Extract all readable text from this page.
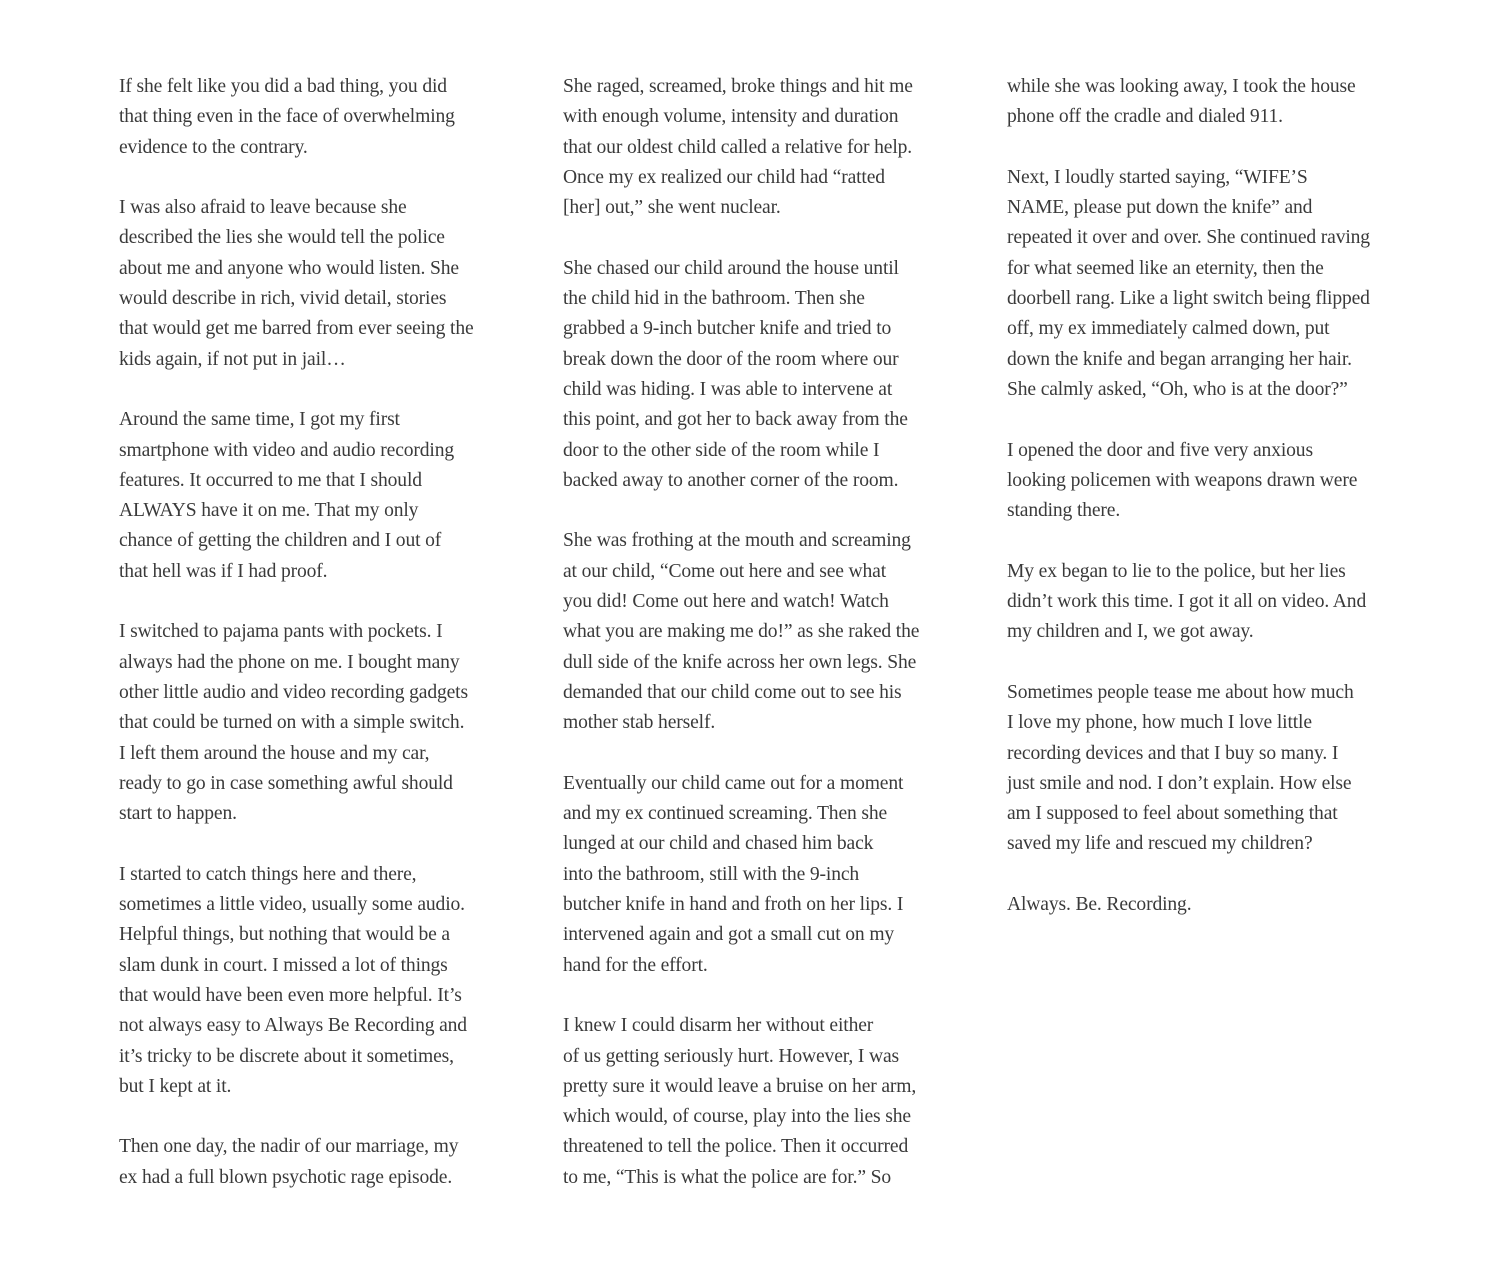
If she felt like you did a bad thing, you did
that thing even in the face of overwhelming
evidence to the contrary.

I was also afraid to leave because she
described the lies she would tell the police
about me and anyone who would listen. She
would describe in rich, vivid detail, stories
that would get me barred from ever seeing the
kids again, if not put in jail…

Around the same time, I got my first
smartphone with video and audio recording
features. It occurred to me that I should
ALWAYS have it on me. That my only
chance of getting the children and I out of
that hell was if I had proof.

I switched to pajama pants with pockets. I
always had the phone on me. I bought many
other little audio and video recording gadgets
that could be turned on with a simple switch.
I left them around the house and my car,
ready to go in case something awful should
start to happen.

I started to catch things here and there,
sometimes a little video, usually some audio.
Helpful things, but nothing that would be a
slam dunk in court. I missed a lot of things
that would have been even more helpful. It’s
not always easy to Always Be Recording and
it’s tricky to be discrete about it sometimes,
but I kept at it.

Then one day, the nadir of our marriage, my
ex had a full blown psychotic rage episode.

She raged, screamed, broke things and hit me
with enough volume, intensity and duration
that our oldest child called a relative for help.
Once my ex realized our child had “ratted
[her] out,” she went nuclear.

She chased our child around the house until
the child hid in the bathroom. Then she
grabbed a 9-inch butcher knife and tried to
break down the door of the room where our
child was hiding. I was able to intervene at
this point, and got her to back away from the
door to the other side of the room while I
backed away to another corner of the room.

She was frothing at the mouth and screaming
at our child, “Come out here and see what
you did! Come out here and watch! Watch
what you are making me do!” as she raked the
dull side of the knife across her own legs. She
demanded that our child come out to see his
mother stab herself.

Eventually our child came out for a moment
and my ex continued screaming. Then she
lunged at our child and chased him back
into the bathroom, still with the 9-inch
butcher knife in hand and froth on her lips. I
intervened again and got a small cut on my
hand for the effort.

I knew I could disarm her without either
of us getting seriously hurt. However, I was
pretty sure it would leave a bruise on her arm,
which would, of course, play into the lies she
threatened to tell the police. Then it occurred
to me, “This is what the police are for.” So

while she was looking away, I took the house
phone off the cradle and dialed 911.

Next, I loudly started saying, “WIFE’S
NAME, please put down the knife” and
repeated it over and over. She continued raving
for what seemed like an eternity, then the
doorbell rang. Like a light switch being flipped
off, my ex immediately calmed down, put
down the knife and began arranging her hair.
She calmly asked, “Oh, who is at the door?”

I opened the door and five very anxious
looking policemen with weapons drawn were
standing there.

My ex began to lie to the police, but her lies
didn’t work this time. I got it all on video. And
my children and I, we got away.

Sometimes people tease me about how much
I love my phone, how much I love little
recording devices and that I buy so many. I
just smile and nod. I don’t explain. How else
am I supposed to feel about something that
saved my life and rescued my children?

Always. Be. Recording.
